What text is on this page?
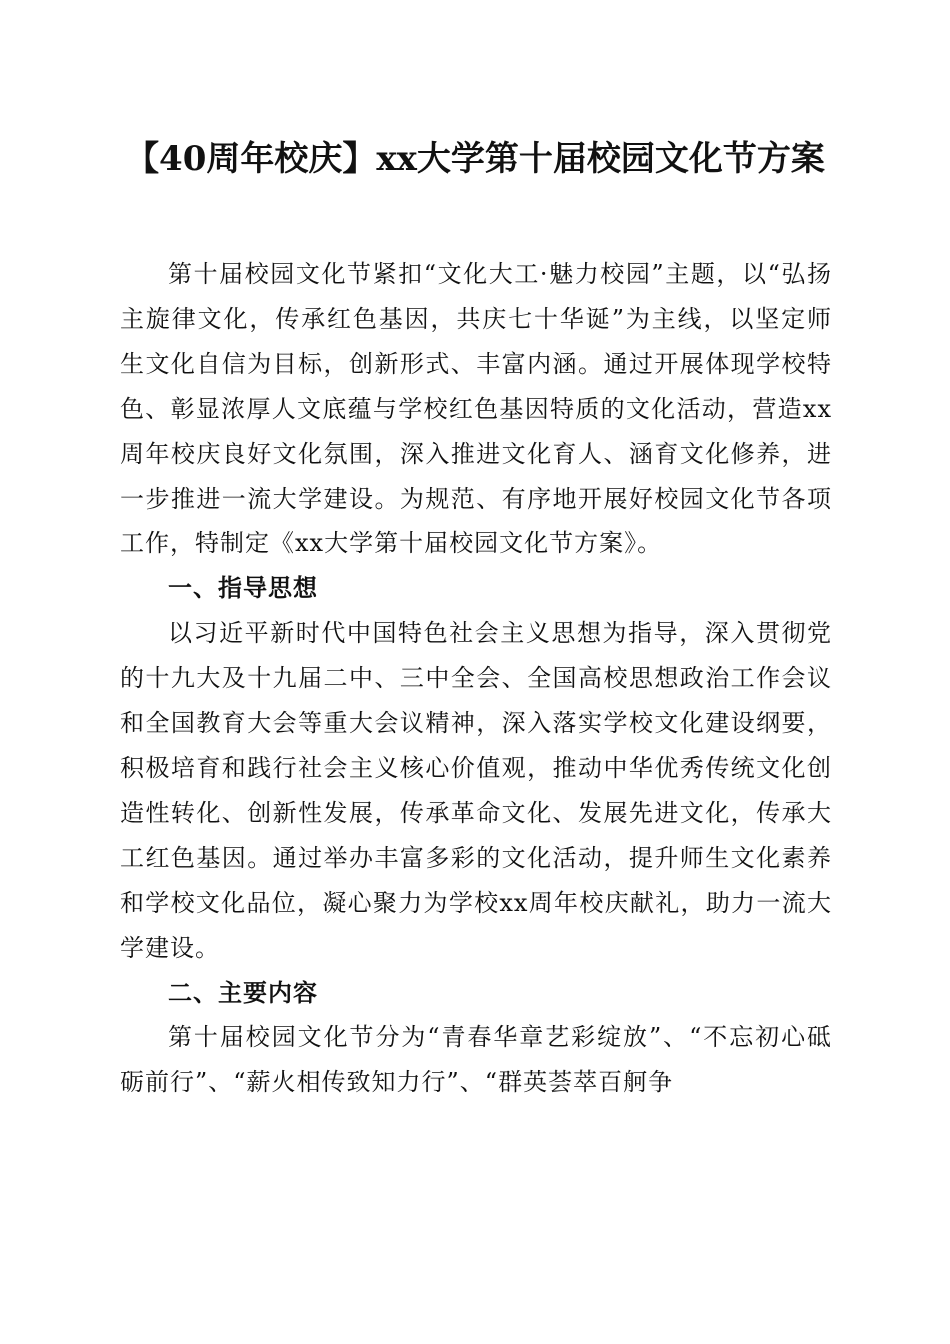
【40周年校庆】xx大学第十届校园文化节方案

第十届校园文化节紧扣“文化大工·魅力校园”主题，以“弘扬主旋律文化，传承红色基因，共庆七十华诞”为主线，以坚定师生文化自信为目标，创新形式、丰富内涵。通过开展体现学校特色、彰显浓厚人文底蕴与学校红色基因特质的文化活动，营造xx周年校庆良好文化氛围，深入推进文化育人、涵育文化修养，进一步推进一流大学建设。为规范、有序地开展好校园文化节各项工作，特制定《xx大学第十届校园文化节方案》。

一、指导思想

以习近平新时代中国特色社会主义思想为指导，深入贯彻党的十九大及十九届二中、三中全会、全国高校思想政治工作会议和全国教育大会等重大会议精神，深入落实学校文化建设纲要，积极培育和践行社会主义核心价值观，推动中华优秀传统文化创造性转化、创新性发展，传承革命文化、发展先进文化，传承大工红色基因。通过举办丰富多彩的文化活动，提升师生文化素养和学校文化品位，凝心聚力为学校xx周年校庆献礼，助力一流大学建设。

二、主要内容

第十届校园文化节分为“青春华章艺彩绽放”、“不忘初心砥砺前行”、“薪火相传致知力行”、“群英荟萃百舸争
